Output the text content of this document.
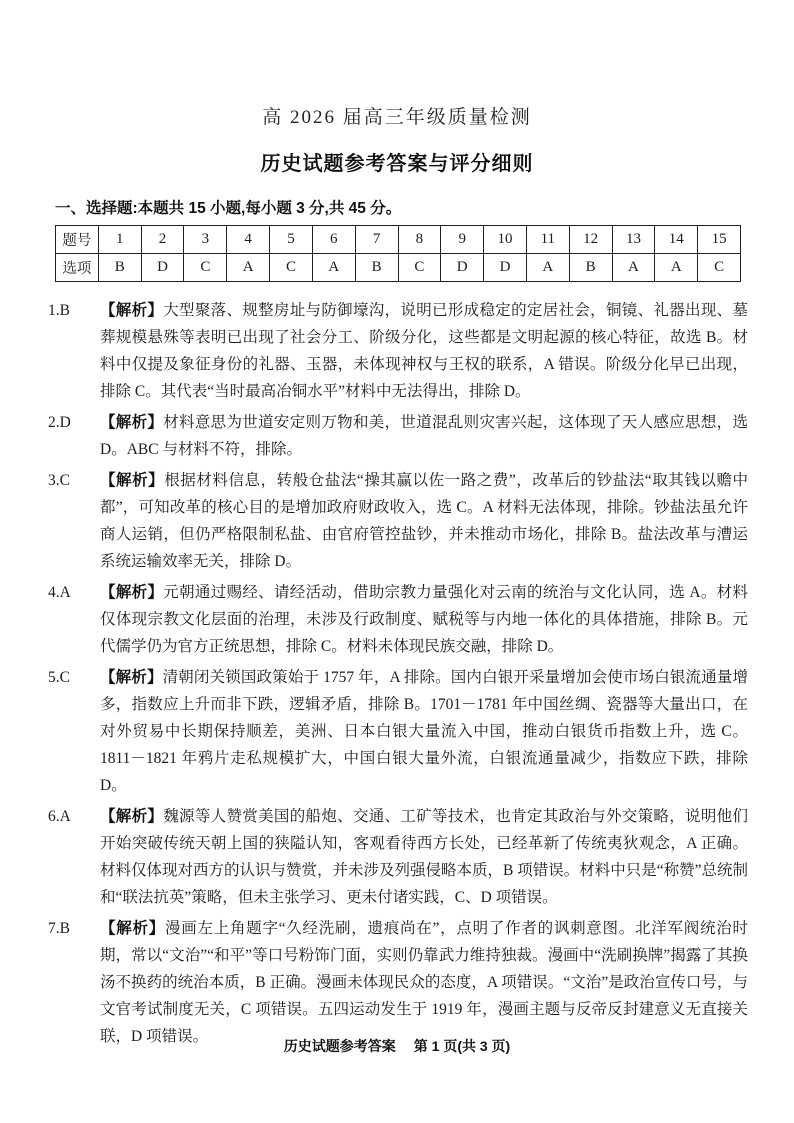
高 2026 届高三年级质量检测
历史试题参考答案与评分细则
一、选择题:本题共 15 小题,每小题 3 分,共 45 分。
题号	1	2	3	4	5	6	7	8	9	10	11	12	13	14	15
选项	B	D	C	A	C	A	B	C	D	D	A	B	A	A	C
1.B	【解析】大型聚落、规整房址与防御壕沟，说明已形成稳定的定居社会，铜镜、礼器出现、墓葬规模悬殊等表明已出现了社会分工、阶级分化，这些都是文明起源的核心特征，故选 B。材料中仅提及象征身份的礼器、玉器，未体现神权与王权的联系，A 错误。阶级分化早已出现，排除 C。其代表“当时最高冶铜水平”材料中无法得出，排除 D。
2.D	【解析】材料意思为世道安定则万物和美，世道混乱则灾害兴起，这体现了天人感应思想，选 D。ABC 与材料不符，排除。
3.C	【解析】根据材料信息，转般仓盐法“操其赢以佐一路之费”，改革后的钞盐法“取其钱以赡中都”，可知改革的核心目的是增加政府财政收入，选 C。A 材料无法体现，排除。钞盐法虽允许商人运销，但仍严格限制私盐、由官府管控盐钞，并未推动市场化，排除 B。盐法改革与漕运系统运输效率无关，排除 D。
4.A	【解析】元朝通过赐经、请经活动，借助宗教力量强化对云南的统治与文化认同，选 A。材料仅体现宗教文化层面的治理，未涉及行政制度、赋税等与内地一体化的具体措施，排除 B。元代儒学仍为官方正统思想，排除 C。材料未体现民族交融，排除 D。
5.C	【解析】清朝闭关锁国政策始于 1757 年，A 排除。国内白银开采量增加会使市场白银流通量增多，指数应上升而非下跌，逻辑矛盾，排除 B。1701－1781 年中国丝绸、瓷器等大量出口，在对外贸易中长期保持顺差，美洲、日本白银大量流入中国，推动白银货币指数上升，选 C。1811－1821 年鸦片走私规模扩大，中国白银大量外流，白银流通量减少，指数应下跌，排除 D。
6.A	【解析】魏源等人赞赏美国的船炮、交通、工矿等技术，也肯定其政治与外交策略，说明他们开始突破传统天朝上国的狭隘认知，客观看待西方长处，已经革新了传统夷狄观念，A 正确。材料仅体现对西方的认识与赞赏，并未涉及列强侵略本质，B 项错误。材料中只是“称赞”总统制和“联法抗英”策略，但未主张学习、更未付诸实践，C、D 项错误。
7.B	【解析】漫画左上角题字“久经洗刷，遗痕尚在”，点明了作者的讽刺意图。北洋军阀统治时期，常以“文治”“和平”等口号粉饰门面，实则仍靠武力维持独裁。漫画中“洗刷换牌”揭露了其换汤不换药的统治本质，B 正确。漫画未体现民众的态度，A 项错误。“文治”是政治宣传口号，与文官考试制度无关，C 项错误。五四运动发生于 1919 年，漫画主题与反帝反封建意义无直接关联，D 项错误。
历史试题参考答案 第 1 页(共 3 页)
